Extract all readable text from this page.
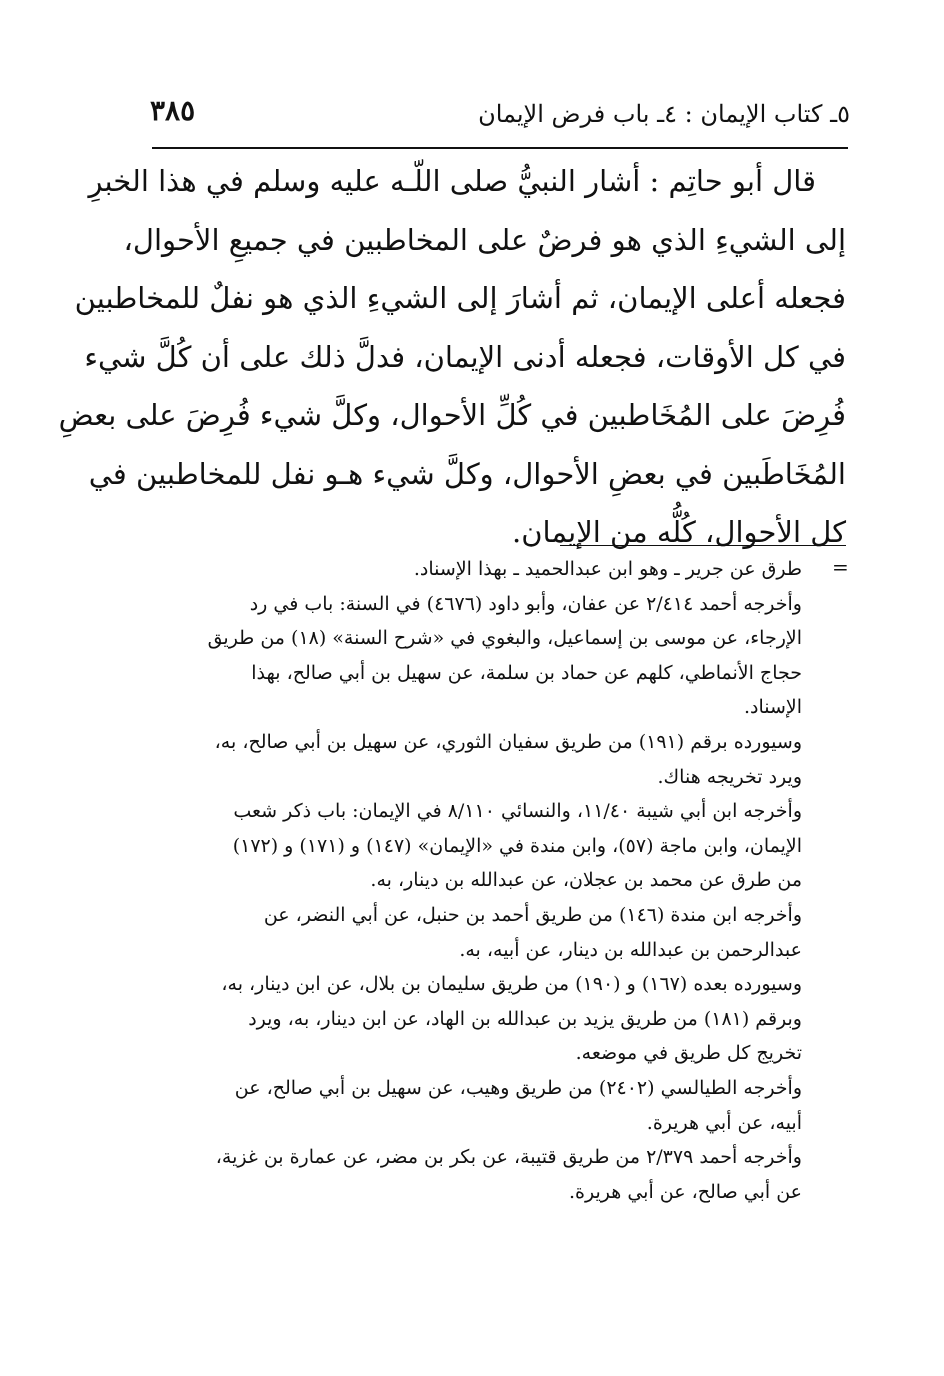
٥ـ كتاب الإيمان : ٤ـ باب فرض الإيمان
٣٨٥
قال أبو حاتِم : أشار النبيُّ صلى اللّـه عليه وسلم في هذا الخبرِ
إلى الشيءِ الذي هو فرضٌ على المخاطبين في جميعِ الأحوال،
فجعله أعلى الإيمان، ثم أشارَ إلى الشيءِ الذي هو نفلٌ للمخاطبين
في كل الأوقات، فجعله أدنى الإيمان، فدلَّ ذلك على أن كُلَّ شيء
فُرِضَ على المُخَاطبين في كُلِّ الأحوال، وكلَّ شيء فُرِضَ على بعضِ
المُخَاطَبين في بعضِ الأحوال، وكلَّ شيء هـو نفل للمخاطبين في
كل الأحوال، كُلُّه من الإيمان.
=
طرق عن جرير ـ وهو ابن عبدالحميد ـ بهذا الإسناد.
وأخرجه أحمد ٢/٤١٤ عن عفان، وأبو داود (٤٦٧٦) في السنة: باب في رد
الإرجاء، عن موسى بن إسماعيل، والبغوي في «شرح السنة» (١٨) من طريق
حجاج الأنماطي، كلهم عن حماد بن سلمة، عن سهيل بن أبي صالح، بهذا
الإسناد.
وسيورده برقم (١٩١) من طريق سفيان الثوري، عن سهيل بن أبي صالح، به،
ويرد تخريجه هناك.
وأخرجه ابن أبي شيبة ١١/٤٠، والنسائي ٨/١١٠ في الإيمان: باب ذكر شعب
الإيمان، وابن ماجة (٥٧)، وابن مندة في «الإيمان» (١٤٧) و (١٧١) و (١٧٢)
من طرق عن محمد بن عجلان، عن عبدالله بن دينار، به.
وأخرجه ابن مندة (١٤٦) من طريق أحمد بن حنبل، عن أبي النضر، عن
عبدالرحمن بن عبدالله بن دينار، عن أبيه، به.
وسيورده بعده (١٦٧) و (١٩٠) من طريق سليمان بن بلال، عن ابن دينار، به،
وبرقم (١٨١) من طريق يزيد بن عبدالله بن الهاد، عن ابن دينار، به، ويرد
تخريج كل طريق في موضعه.
وأخرجه الطيالسي (٢٤٠٢) من طريق وهيب، عن سهيل بن أبي صالح، عن
أبيه، عن أبي هريرة.
وأخرجه أحمد ٢/٣٧٩ من طريق قتيبة، عن بكر بن مضر، عن عمارة بن غزية،
عن أبي صالح، عن أبي هريرة.
